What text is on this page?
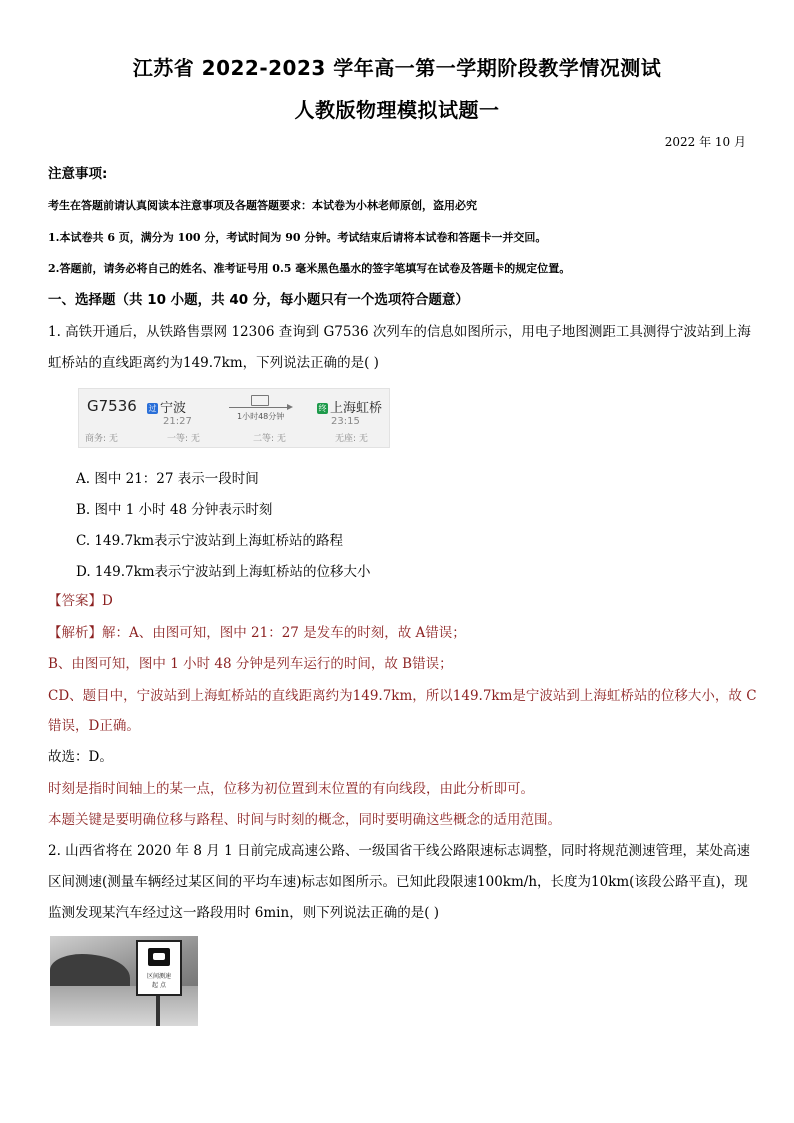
江苏省 2022-2023 学年高一第一学期阶段教学情况测试
人教版物理模拟试题一
2022 年 10 月
注意事项:
考生在答题前请认真阅读本注意事项及各题答题要求：本试卷为小林老师原创，盗用必究
1.本试卷共 6 页，满分为 100 分，考试时间为 90 分钟。考试结束后请将本试卷和答题卡一并交回。
2.答题前，请务必将自己的姓名、准考证号用 0.5 毫米黑色墨水的签字笔填写在试卷及答题卡的规定位置。
一、选择题（共 10 小题，共 40 分，每小题只有一个选项符合题意）
1. 高铁开通后，从铁路售票网 12306 查询到 G7536 次列车的信息如图所示，用电子地图测距工具测得宁波站到上海
虹桥站的直线距离约为149.7km，下列说法正确的是( )
G7536 过 宁波
21:27	1小时48分钟
终 上海虹桥
23:15
商务: 无	一等: 无	二等: 无	无座: 无
A. 图中 21：27 表示一段时间
B. 图中 1 小时 48 分钟表示时刻
C. 149.7km表示宁波站到上海虹桥站的路程
D. 149.7km表示宁波站到上海虹桥站的位移大小
【答案】D
【解析】解：A、由图可知，图中 21：27 是发车的时刻，故 A错误；
B、由图可知，图中 1 小时 48 分钟是列车运行的时间，故 B错误；
CD、题目中，宁波站到上海虹桥站的直线距离约为149.7km，所以149.7km是宁波站到上海虹桥站的位移大小，故 C
错误，D正确。
故选：D。
时刻是指时间轴上的某一点，位移为初位置到末位置的有向线段，由此分析即可。
本题关键是要明确位移与路程、时间与时刻的概念，同时要明确这些概念的适用范围。
2. 山西省将在 2020 年 8 月 1 日前完成高速公路、一级国省干线公路限速标志调整，同时将规范测速管理，某处高速区间测速(测量车辆经过某区间的平均车速)标志如图所示。已知此段限速100km/h，长度为10km(该段公路平直)，现监测发现某汽车经过这一路段用时 6min，则下列说法正确的是( )
区间测速
起 点
